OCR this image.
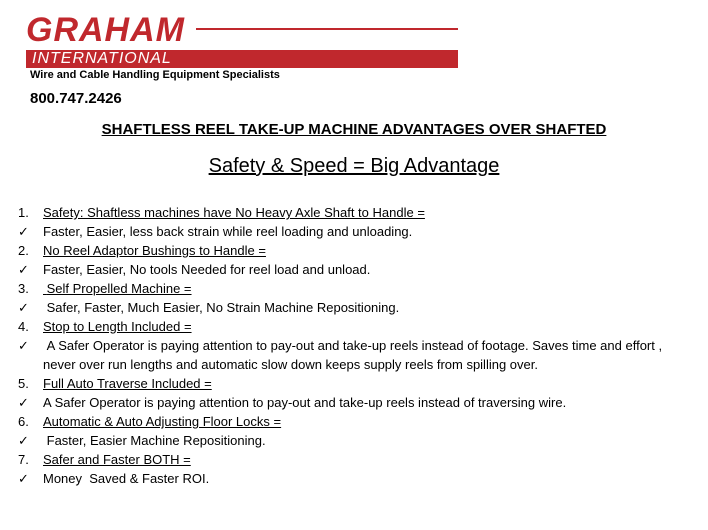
GRAHAM
INTERNATIONAL
Wire and Cable Handling Equipment Specialists
800.747.2426
SHAFTLESS REEL TAKE-UP MACHINE ADVANTAGES OVER SHAFTED
Safety & Speed = Big Advantage
1.	Safety: Shaftless machines have No Heavy Axle Shaft to Handle =
✓	Faster, Easier, less back strain while reel loading and unloading.
2.	No Reel Adaptor Bushings to Handle =
✓	Faster, Easier, No tools Needed for reel load and unload.
3.	Self Propelled Machine =
✓	Safer, Faster, Much Easier, No Strain Machine Repositioning.
4.	Stop to Length Included =
✓	A Safer Operator is paying attention to pay-out and take-up reels instead of footage. Saves time and effort , never over run lengths and automatic slow down keeps supply reels from spilling over.
5.	Full Auto Traverse Included =
✓	A Safer Operator is paying attention to pay-out and take-up reels instead of traversing wire.
6.	Automatic & Auto Adjusting Floor Locks =
✓	Faster, Easier Machine Repositioning.
7.	Safer and Faster BOTH =
✓	Money  Saved & Faster ROI.
